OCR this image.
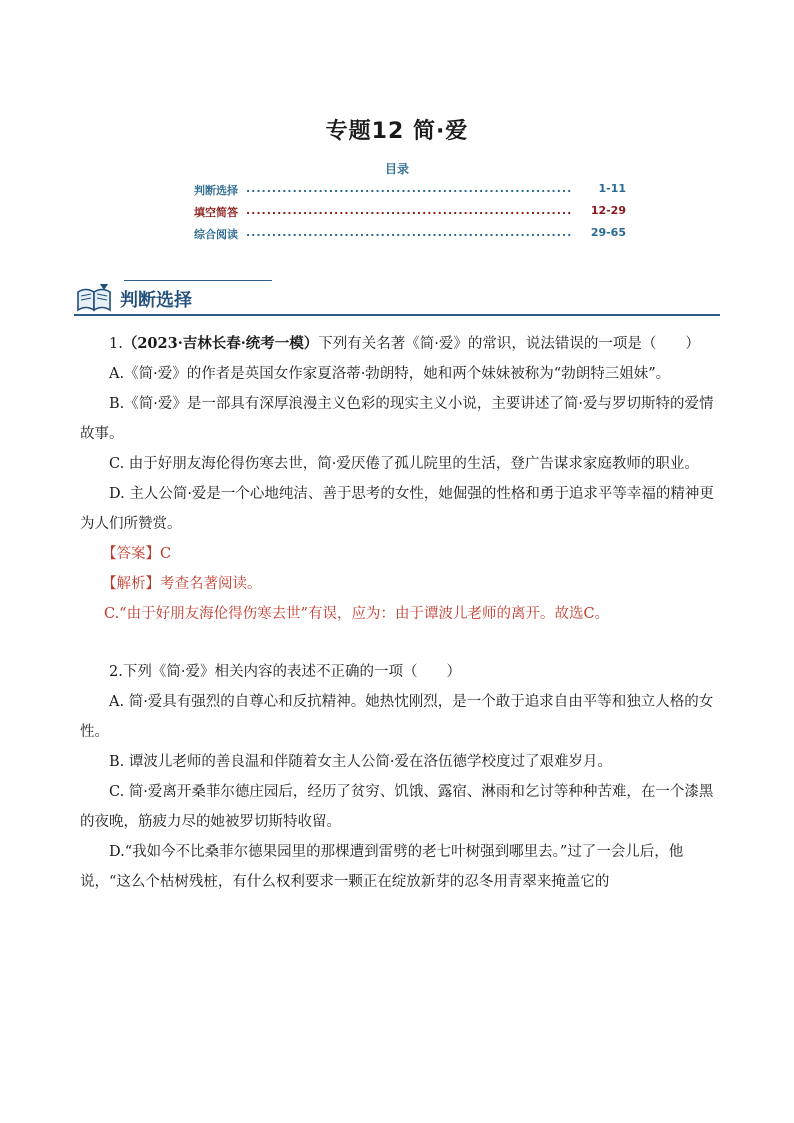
专题12 简·爱
目录
判断选择 ...............................................................	1-11
填空简答 ...............................................................	12-29
综合阅读 ...............................................................	29-65
判断选择

1.（2023·吉林长春·统考一模）下列有关名著《简·爱》的常识，说法错误的一项是（　　）

A.《简·爱》的作者是英国女作家夏洛蒂·勃朗特，她和两个妹妹被称为“勃朗特三姐妹”。

B.《简·爱》是一部具有深厚浪漫主义色彩的现实主义小说，主要讲述了简·爱与罗切斯特的爱情故事。

C. 由于好朋友海伦得伤寒去世，简·爱厌倦了孤儿院里的生活，登广告谋求家庭教师的职业。

D. 主人公简·爱是一个心地纯洁、善于思考的女性，她倔强的性格和勇于追求平等幸福的精神更为人们所赞赏。

【答案】C

【解析】考查名著阅读。

C.“由于好朋友海伦得伤寒去世”有误，应为：由于谭波儿老师的离开。故选C。

2.下列《简·爱》相关内容的表述不正确的一项（　　）

A. 简·爱具有强烈的自尊心和反抗精神。她热忱刚烈，是一个敢于追求自由平等和独立人格的女性。

B. 谭波儿老师的善良温和伴随着女主人公简·爱在洛伍德学校度过了艰难岁月。

C. 简·爱离开桑菲尔德庄园后，经历了贫穷、饥饿、露宿、淋雨和乞讨等种种苦难，在一个漆黑的夜晚，筋疲力尽的她被罗切斯特收留。

D.“我如今不比桑菲尔德果园里的那棵遭到雷劈的老七叶树强到哪里去。”过了一会儿后，他说，“这么个枯树残桩，有什么权利要求一颗正在绽放新芽的忍冬用青翠来掩盖它的
